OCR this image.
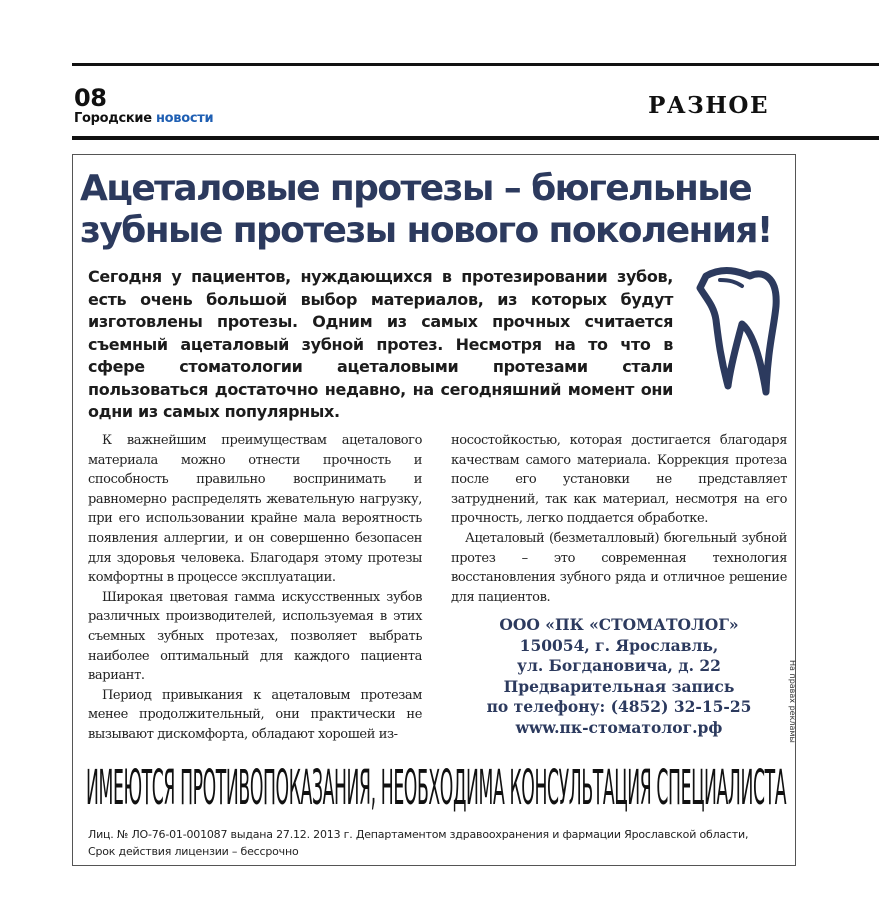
08
Городские новости	РАЗНОЕ
Ацеталовые протезы – бюгельные
зубные протезы нового поколения!

Сегодня у пациентов, нуждающихся в протезировании зубов, есть очень большой выбор материалов, из которых будут изготовлены протезы. Одним из самых прочных считается съемный ацеталовый зубной протез. Несмотря на то что в сфере стоматологии ацеталовыми протезами стали пользоваться достаточно недавно, на сегодняшний момент они одни из самых популярных.

К важнейшим преимуществам ацеталового материала можно отнести прочность и способность правильно воспринимать и равномерно распределять жевательную нагрузку, при его использовании крайне мала вероятность появления аллергии, и он совершенно безопасен для здоровья человека. Благодаря этому протезы комфортны в процессе эксплуатации.

Широкая цветовая гамма искусственных зубов различных производителей, используемая в этих съемных зубных протезах, позволяет выбрать наиболее оптимальный для каждого пациента вариант.

Период привыкания к ацеталовым протезам менее продолжительный, они практически не вызывают дискомфорта, обладают хорошей из-

носостойкостью, которая достигается благодаря качествам самого материала. Коррекция протеза после его установки не представляет затруднений, так как материал, несмотря на его прочность, легко поддается обработке.

Ацеталовый (безметалловый) бюгельный зубной протез – это современная технология восстановления зубного ряда и отличное решение для пациентов.

ООО «ПК «СТОМАТОЛОГ»
150054, г. Ярославль,
ул. Богдановича, д. 22
Предварительная запись
по телефону: (4852) 32-15-25
www.пк-стоматолог.рф	На правах рекламы
ИМЕЮТСЯ ПРОТИВОПОКАЗАНИЯ, НЕОБХОДИМА КОНСУЛЬТАЦИЯ СПЕЦИАЛИСТА

Лиц. № ЛО-76-01-001087 выдана 27.12. 2013 г. Департаментом здравоохранения и фармации Ярославской области,
Срок действия лицензии – бессрочно
